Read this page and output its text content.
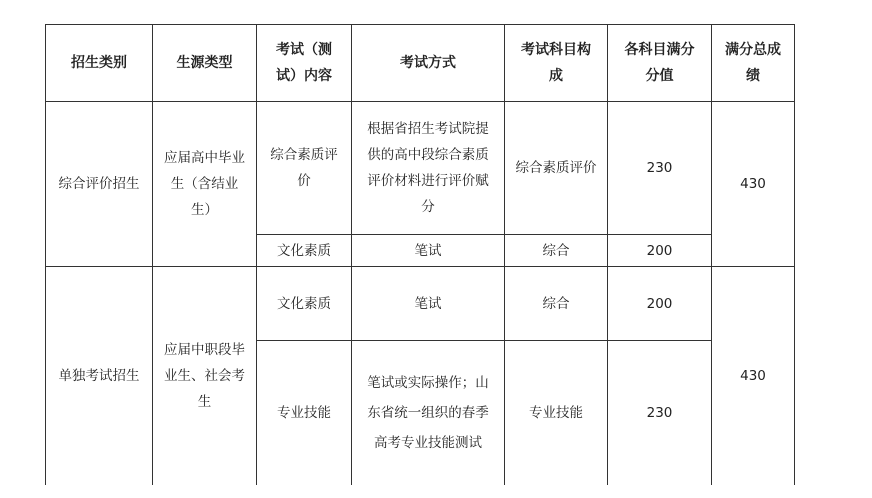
招生类别	生源类型	考试（测试）内容	考试方式	考试科目构成	各科目满分分值	满分总成绩
综合评价招生	应届高中毕业生（含结业生）	综合素质评价	根据省招生考试院提供的高中段综合素质评价材料进行评价赋分	综合素质评价	230	430
		文化素质	笔试	综合	200	
单独考试招生	应届中职段毕业生、社会考生	文化素质	笔试	综合	200	430
		专业技能	笔试或实际操作；山东省统一组织的春季高考专业技能测试	专业技能	230	
